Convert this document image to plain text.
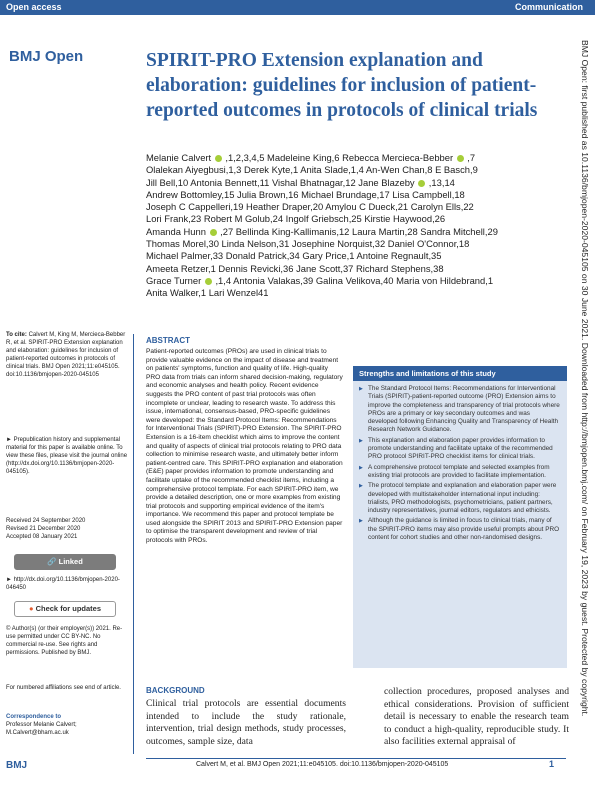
Open access	Communication
BMJ Open	SPIRIT-PRO Extension explanation and elaboration: guidelines for inclusion of patient-reported outcomes in protocols of clinical trials
Melanie Calvert  ,1,2,3,4,5 Madeleine King,6 Rebecca Mercieca-Bebber  ,7
Olalekan Aiyegbusi,1,3 Derek Kyte,1 Anita Slade,1,4 An-Wen Chan,8 E Basch,9
Jill Bell,10 Antonia Bennett,11 Vishal Bhatnagar,12 Jane Blazeby  ,13,14
Andrew Bottomley,15 Julia Brown,16 Michael Brundage,17 Lisa Campbell,18
Joseph C Cappelleri,19 Heather Draper,20 Amylou C Dueck,21 Carolyn Ells,22
Lori Frank,23 Robert M Golub,24 Ingolf Griebsch,25 Kirstie Haywood,26
Amanda Hunn  ,27 Bellinda King-Kallimanis,12 Laura Martin,28 Sandra Mitchell,29
Thomas Morel,30 Linda Nelson,31 Josephine Norquist,32 Daniel O'Connor,18
Michael Palmer,33 Donald Patrick,34 Gary Price,1 Antoine Regnault,35
Ameeta Retzer,1 Dennis Revicki,36 Jane Scott,37 Richard Stephens,38
Grace Turner  ,1,4 Antonia Valakas,39 Galina Velikova,40 Maria von Hildebrand,1
Anita Walker,1 Lari Wenzel41
To cite: Calvert M, King M, Mercieca-Bebber R, et al. SPIRIT-PRO Extension explanation and elaboration: guidelines for inclusion of patient-reported outcomes in protocols of clinical trials. BMJ Open 2021;11:e045105. doi:10.1136/bmjopen-2020-045105
► Prepublication history and supplemental material for this paper is available online. To view these files, please visit the journal online (http://dx.doi.org/10.1136/bmjopen-2020-045105).
Received 24 September 2020
Revised 21 December 2020
Accepted 08 January 2021
🔗 Linked
► http://dx.doi.org/10.1136/bmjopen-2020-046450
● Check for updates
© Author(s) (or their employer(s)) 2021. Re-use permitted under CC BY-NC. No commercial re-use. See rights and permissions. Published by BMJ.
For numbered affiliations see end of article.
Correspondence to
Professor Melanie Calvert; M.Calvert@bham.ac.uk
ABSTRACT

Patient-reported outcomes (PROs) are used in clinical trials to provide valuable evidence on the impact of disease and treatment on patients' symptoms, function and quality of life. High-quality PRO data from trials can inform shared decision-making, regulatory and economic analyses and health policy. Recent evidence suggests the PRO content of past trial protocols was often incomplete or unclear, leading to research waste. To address this issue, international, consensus-based, PRO-specific guidelines were developed: the Standard Protocol Items: Recommendations for Interventional Trials (SPIRIT)-PRO Extension. The SPIRIT-PRO Extension is a 16-item checklist which aims to improve the content and quality of aspects of clinical trial protocols relating to PRO data collection to minimise research waste, and ultimately better inform patient-centred care. This SPIRIT-PRO explanation and elaboration (E&E) paper provides information to promote understanding and facilitate uptake of the recommended checklist items, including a comprehensive protocol template. For each SPIRIT-PRO item, we provide a detailed description, one or more examples from existing trial protocols and supporting empirical evidence of the item's importance. We recommend this paper and protocol template be used alongside the SPIRIT 2013 and SPIRIT-PRO Extension paper to optimise the transparent development and review of trial protocols with PROs.

Strengths and limitations of this study
▶ The Standard Protocol Items: Recommendations for Interventional Trials (SPIRIT)-patient-reported outcome (PRO) Extension aims to improve the completeness and transparency of trial protocols where PROs are a primary or key secondary outcomes and was developed following Enhancing Quality and Transparency of Health Research Network Guidance.
▶ This explanation and elaboration paper provides information to promote understanding and facilitate uptake of the recommended PRO protocol SPIRIT-PRO checklist items for clinical trials.
▶ A comprehensive protocol template and selected examples from existing trial protocols are provided to facilitate implementation.
▶ The protocol template and explanation and elaboration paper were developed with multistakeholder international input including: trialists, PRO methodologists, psychometricians, patient partners, industry representatives, journal editors, regulators and ethicists.
▶ Although the guidance is limited in focus to clinical trials, many of the SPIRIT-PRO items may also provide useful prompts about PRO content for cohort studies and other non-randomised designs.
BACKGROUND

Clinical trial protocols are essential documents intended to include the study rationale, intervention, trial design methods, study processes, outcomes, sample size, data

collection procedures, proposed analyses and ethical considerations. Provision of sufficient detail is necessary to enable the research team to conduct a high-quality, reproducible study. It also facilities external appraisal of

BMJ	Calvert M, et al. BMJ Open 2021;11:e045105. doi:10.1136/bmjopen-2020-045105	1
BMJ Open: first published as 10.1136/bmjopen-2020-045105 on 30 June 2021. Downloaded from http://bmjopen.bmj.com/ on February 19, 2023 by guest. Protected by copyright.
